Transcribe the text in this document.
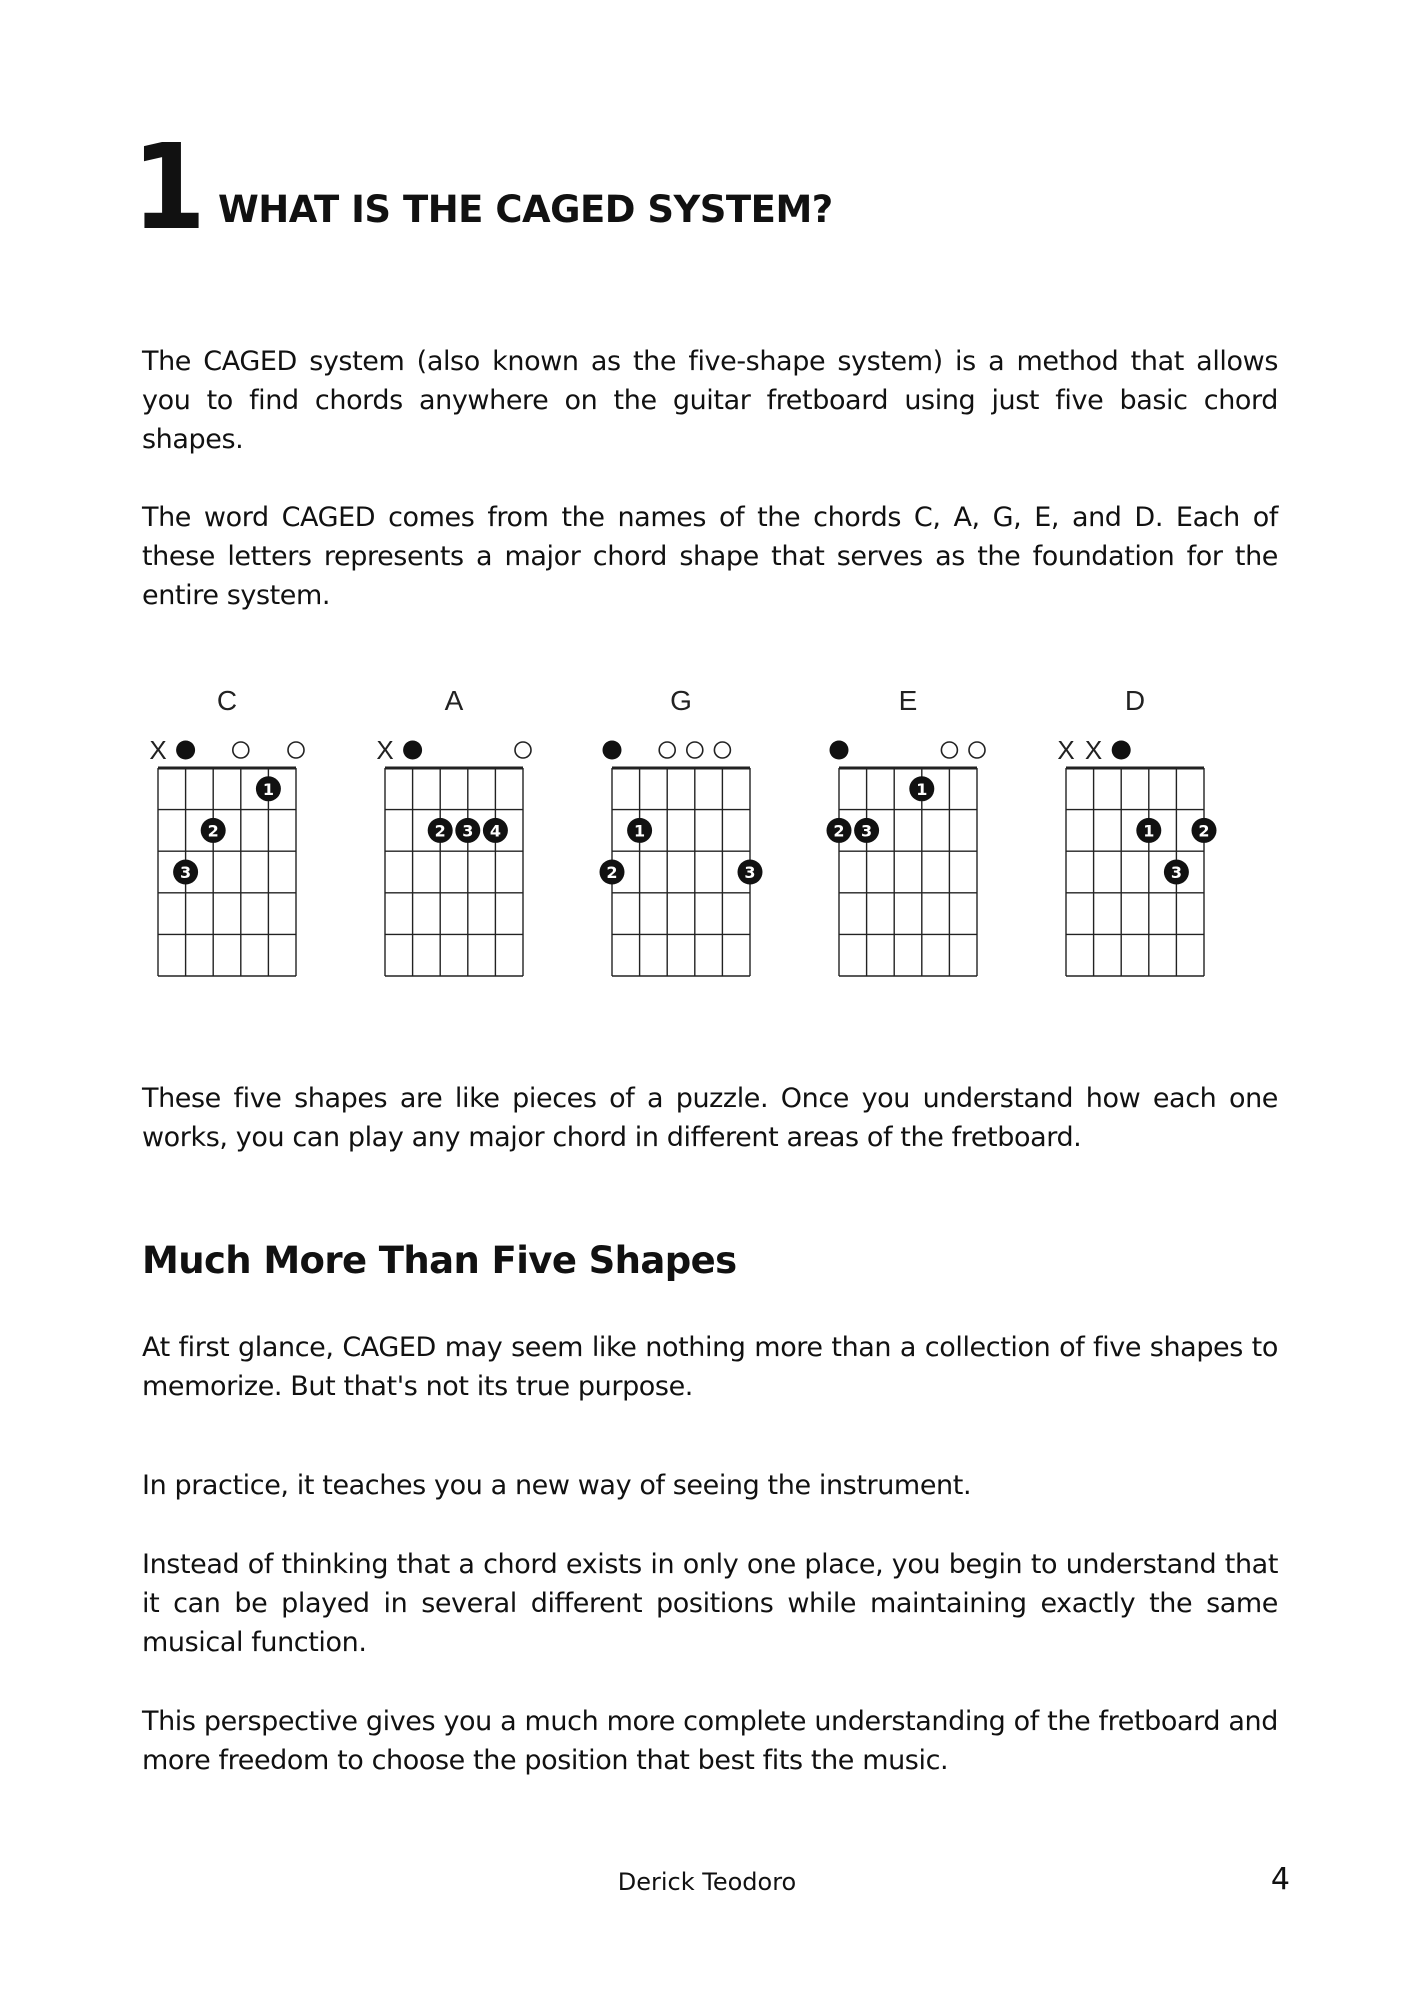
1 WHAT IS THE CAGED SYSTEM?

The CAGED system (also known as the five-shape system) is a method that allows you to find chords anywhere on the guitar fretboard using just five basic chord shapes.

The word CAGED comes from the names of the chords C, A, G, E, and D. Each of these letters represents a major chord shape that serves as the foundation for the entire system.

C
X
1
2
3
A
X
2 3 4
G
1
2	3
E
1
2 3
D
X X
1	2
3

These five shapes are like pieces of a puzzle. Once you understand how each one works, you can play any major chord in different areas of the fretboard.

Much More Than Five Shapes

At first glance, CAGED may seem like nothing more than a collection of five shapes to memorize. But that's not its true purpose.

In practice, it teaches you a new way of seeing the instrument.

Instead of thinking that a chord exists in only one place, you begin to understand that it can be played in several different positions while maintaining exactly the same musical function.

This perspective gives you a much more complete understanding of the fretboard and more freedom to choose the position that best fits the music.

Derick Teodoro	4
